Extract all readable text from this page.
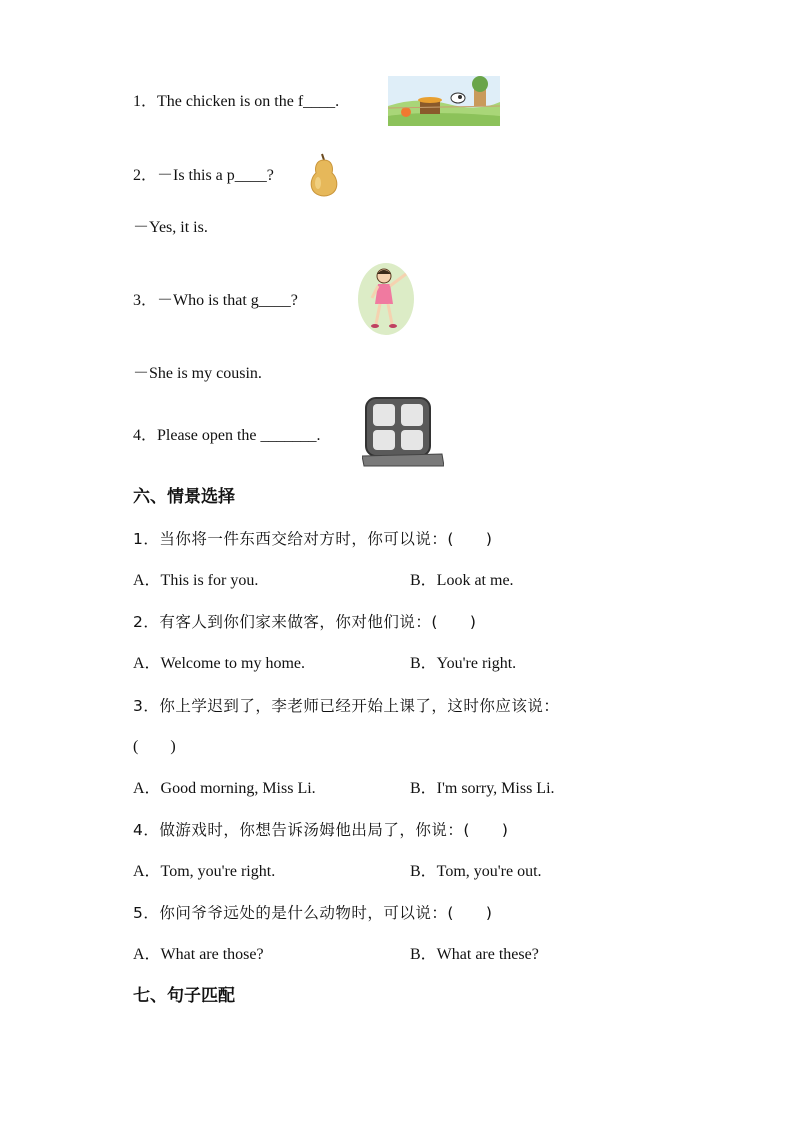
1．The chicken is on the f____.
2．－Is this a p____?
－Yes, it is.
3．－Who is that g____?
－She is my cousin.
4．Please open the _______.
六、情景选择
1．当你将一件东西交给对方时，你可以说：(　　)
A．This is for you.	B．Look at me.
2．有客人到你们家来做客，你对他们说：(　　)
A．Welcome to my home.	B．You're right.
3．你上学迟到了，李老师已经开始上课了，这时你应该说：
(　　)
A．Good morning, Miss Li.	B．I'm sorry, Miss Li.
4．做游戏时，你想告诉汤姆他出局了，你说：(　　)
A．Tom, you're right.	B．Tom, you're out.
5．你问爷爷远处的是什么动物时，可以说：(　　)
A．What are those?	B．What are these?
七、句子匹配
